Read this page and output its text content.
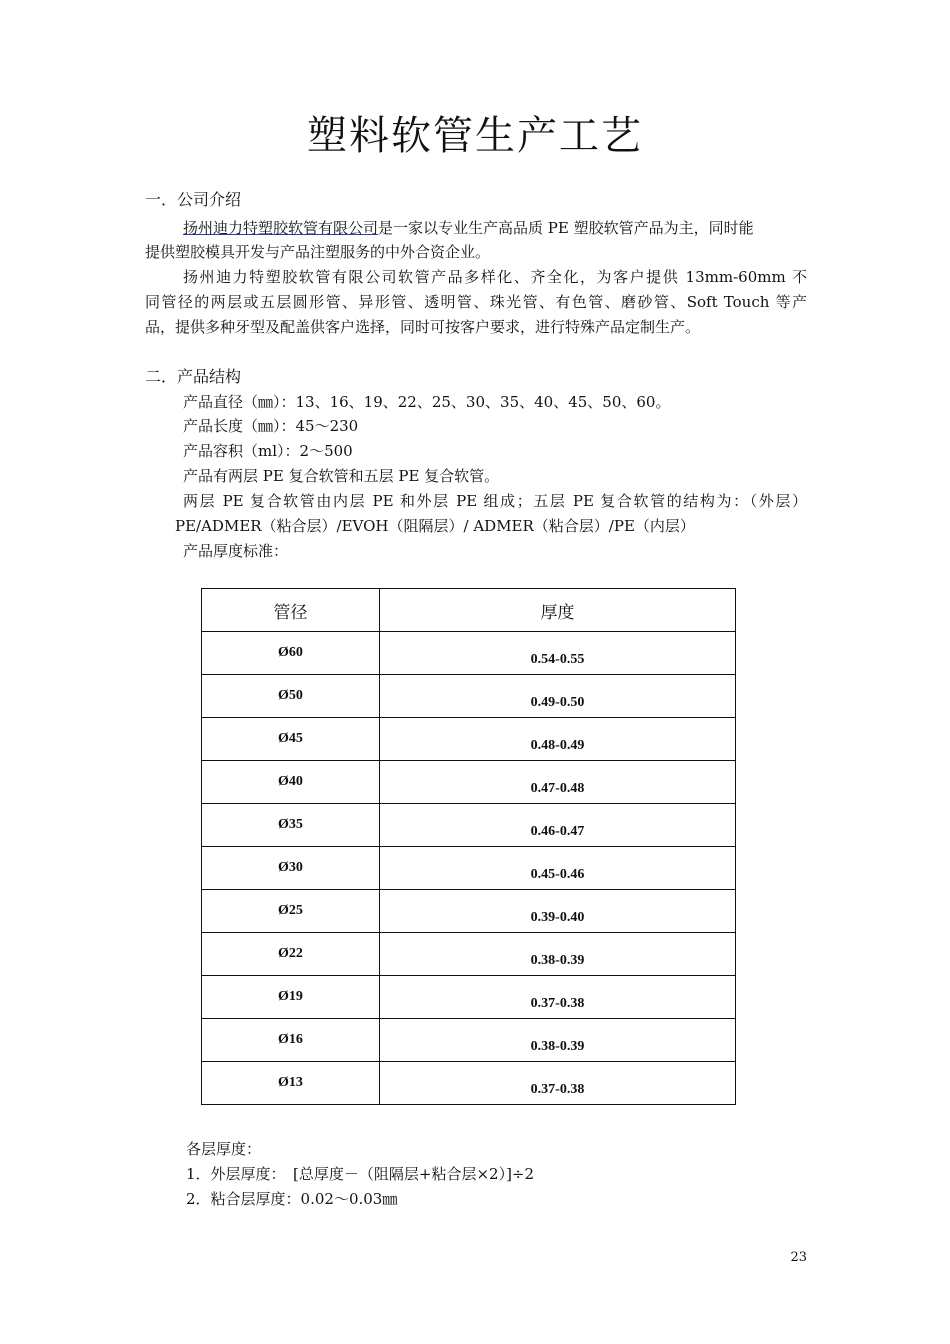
塑料软管生产工艺
一．公司介绍
扬州迪力特塑胶软管有限公司是一家以专业生产高品质 PE 塑胶软管产品为主，同时能
提供塑胶模具开发与产品注塑服务的中外合资企业。
扬州迪力特塑胶软管有限公司软管产品多样化、齐全化，为客户提供 13mm-60mm 不
同管径的两层或五层圆形管、异形管、透明管、珠光管、有色管、磨砂管、Soft Touch 等产
品，提供多种牙型及配盖供客户选择，同时可按客户要求，进行特殊产品定制生产。
二．产品结构
产品直径（㎜）：13、16、19、22、25、30、35、40、45、50、60。
产品长度（㎜）：45～230
产品容积（ml）：2～500
产品有两层 PE 复合软管和五层 PE 复合软管。
两层 PE 复合软管由内层 PE 和外层 PE 组成；五层 PE 复合软管的结构为：（外层）
PE/ADMER（粘合层）/EVOH（阻隔层）/ ADMER（粘合层）/PE（内层）
产品厚度标准：
管径	厚度
Ø60	0.54-0.55
Ø50	0.49-0.50
Ø45	0.48-0.49
Ø40	0.47-0.48
Ø35	0.46-0.47
Ø30	0.45-0.46
Ø25	0.39-0.40
Ø22	0.38-0.39
Ø19	0.37-0.38
Ø16	0.38-0.39
Ø13	0.37-0.38
各层厚度：
1．外层厚度：　[总厚度－（阻隔层+粘合层×2）]÷2
2．粘合层厚度：0.02～0.03㎜
23
